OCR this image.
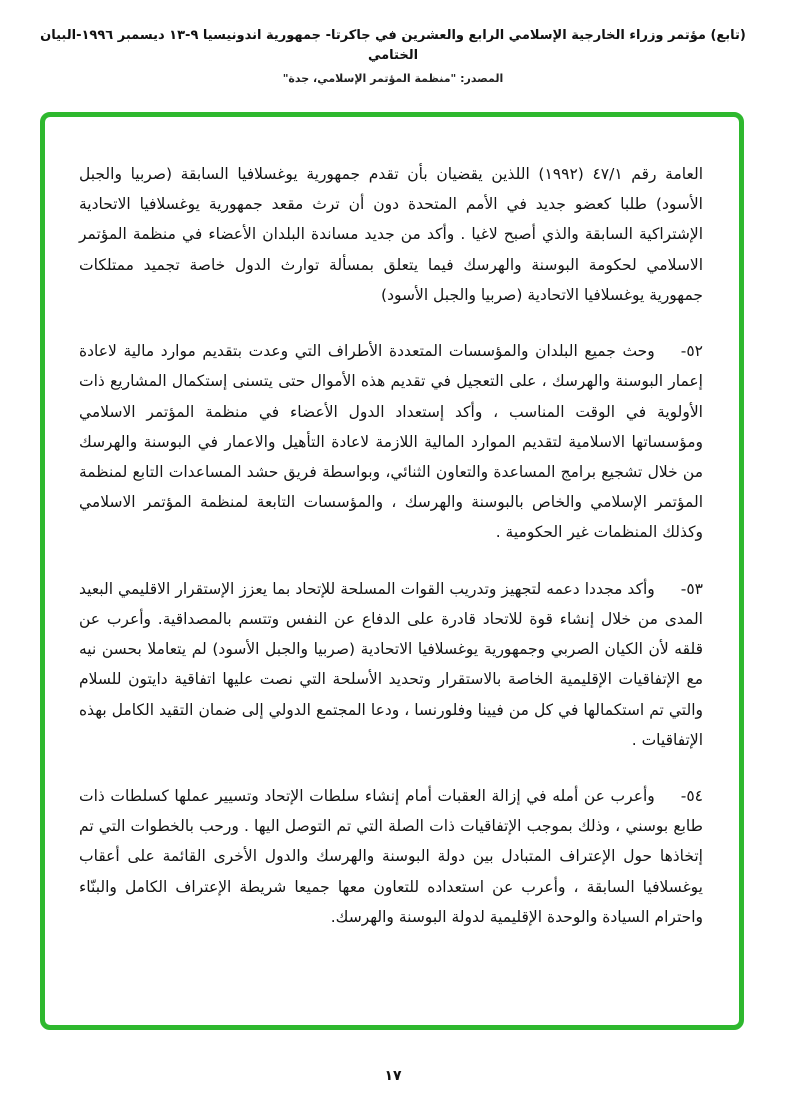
(تابع) مؤتمر وزراء الخارجية الإسلامي الرابع والعشرين في جاكرتا- جمهورية اندونيسيا ٩-١٣ ديسمبر ١٩٩٦-البيان الختامي
المصدر: "منظمة المؤتمر الإسلامي، جدة"

العامة رقم ٤٧/١ (١٩٩٢) اللذين يقضيان بأن تقدم جمهورية يوغسلافيا السابقة (صربيا والجبل الأسود) طلبا كعضو جديد في الأمم المتحدة دون أن ترث مقعد جمهورية يوغسلافيا الاتحادية الإشتراكية السابقة والذي أصبح لاغيا . وأكد من جديد مساندة البلدان الأعضاء في منظمة المؤتمر الاسلامي لحكومة البوسنة والهرسك فيما يتعلق بمسألة توارث الدول خاصة تجميد ممتلكات جمهورية يوغسلافيا الاتحادية (صربيا والجبل الأسود)

٥٢-وحث جميع البلدان والمؤسسات المتعددة الأطراف التي وعدت بتقديم موارد مالية لاعادة إعمار البوسنة والهرسك ، على التعجيل في تقديم هذه الأموال حتى يتسنى إستكمال المشاريع ذات الأولوية في الوقت المناسب ، وأكد إستعداد الدول الأعضاء في منظمة المؤتمر الاسلامي ومؤسساتها الاسلامية لتقديم الموارد المالية اللازمة لاعادة التأهيل والاعمار في البوسنة والهرسك من خلال تشجيع برامج المساعدة والتعاون الثنائي، وبواسطة فريق حشد المساعدات التابع لمنظمة المؤتمر الإسلامي والخاص بالبوسنة والهرسك ، والمؤسسات التابعة لمنظمة المؤتمر الاسلامي وكذلك المنظمات غير الحكومية .

٥٣-وأكد مجددا دعمه لتجهيز وتدريب القوات المسلحة للإتحاد بما يعزز الإستقرار الاقليمي البعيد المدى من خلال إنشاء قوة للاتحاد قادرة على الدفاع عن النفس وتتسم بالمصداقية. وأعرب عن قلقه لأن الكيان الصربي وجمهورية يوغسلافيا الاتحادية (صربيا والجبل الأسود) لم يتعاملا بحسن نيه مع الإتفاقيات الإقليمية الخاصة بالاستقرار وتحديد الأسلحة التي نصت عليها اتفاقية دايتون للسلام والتي تم استكمالها في كل من فيينا وفلورنسا ، ودعا المجتمع الدولي إلى ضمان التقيد الكامل بهذه الإتفاقيات .

٥٤-وأعرب عن أمله في إزالة العقبات أمام إنشاء سلطات الإتحاد وتسيير عملها كسلطات ذات طابع بوسني ، وذلك بموجب الإتفاقيات ذات الصلة التي تم التوصل اليها . ورحب بالخطوات التي تم إتخاذها حول الإعتراف المتبادل بين دولة البوسنة والهرسك والدول الأخرى القائمة على أعقاب يوغسلافيا السابقة ، وأعرب عن استعداده للتعاون معها جميعا شريطة الإعتراف الكامل والبنّاء واحترام السيادة والوحدة الإقليمية لدولة البوسنة والهرسك.

١٧
